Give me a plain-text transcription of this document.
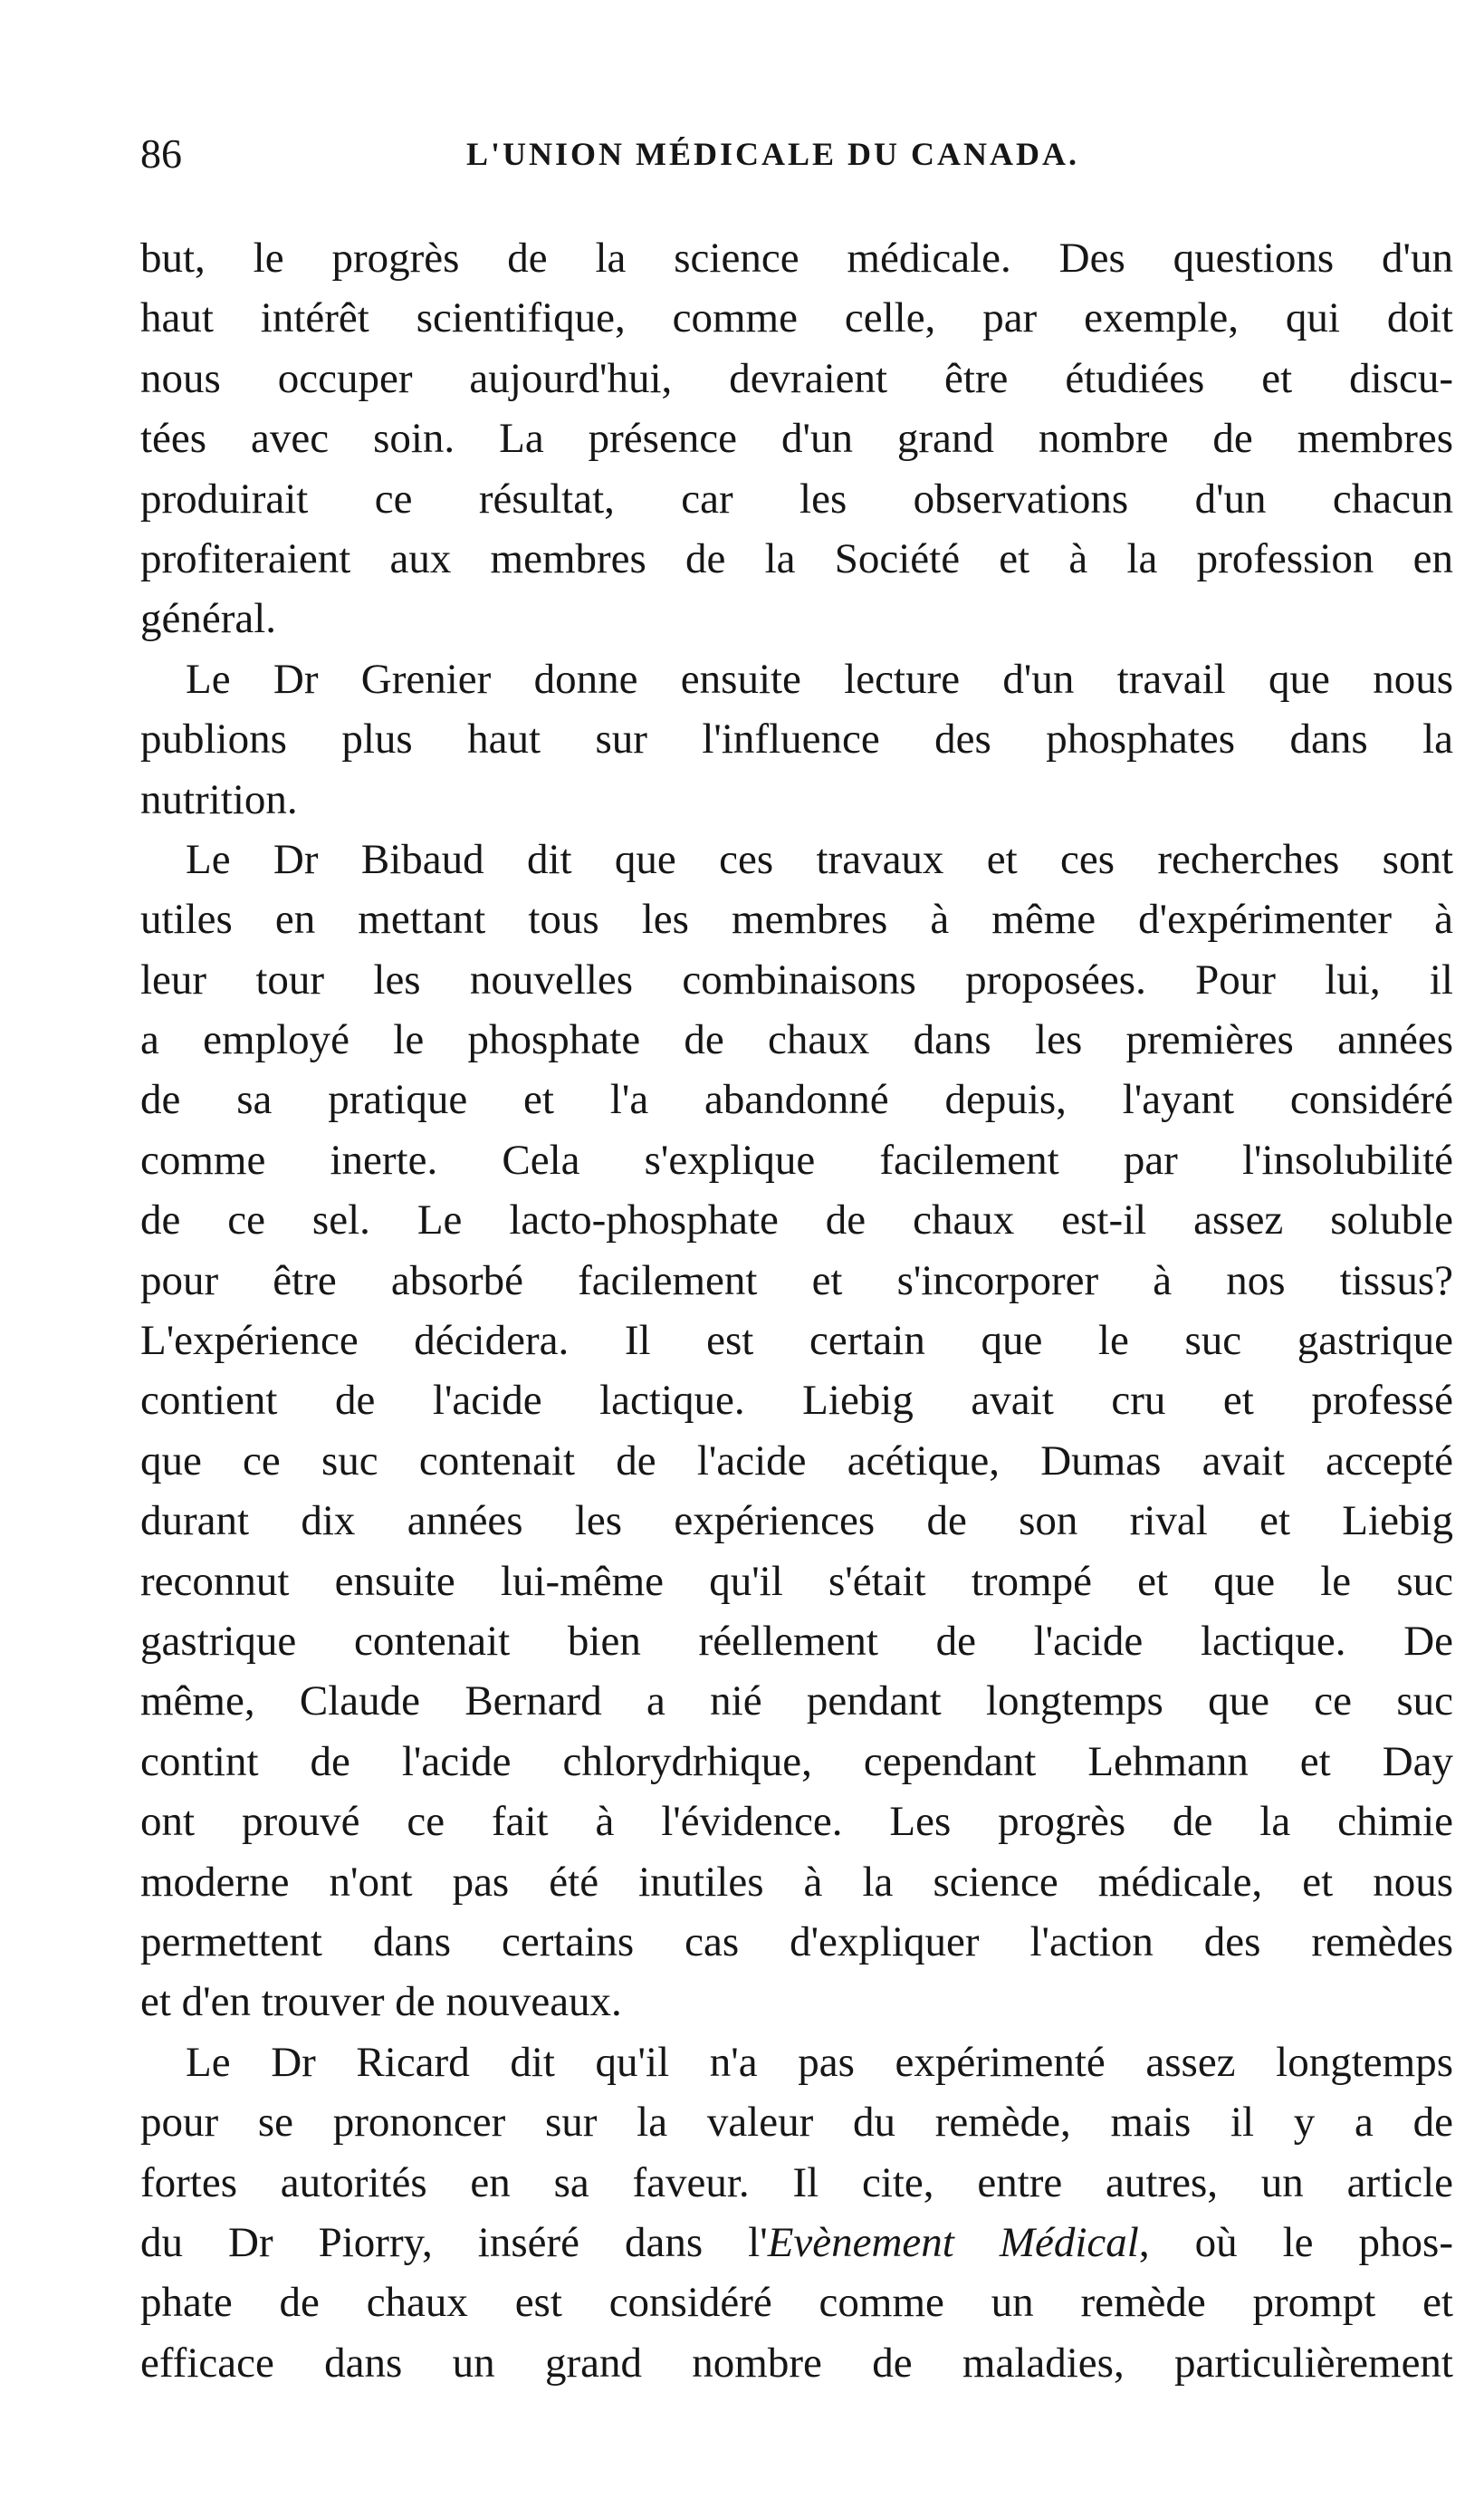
86	L'UNION MÉDICALE DU CANADA.
but, le progrès de la science médicale. Des questions d'un
haut intérêt scientifique, comme celle, par exemple, qui doit
nous occuper aujourd'hui, devraient être étudiées et discu-
tées avec soin. La présence d'un grand nombre de membres
produirait ce résultat, car les observations d'un chacun
profiteraient aux membres de la Société et à la profession en
général.
Le Dr Grenier donne ensuite lecture d'un travail que nous
publions plus haut sur l'influence des phosphates dans la
nutrition.
Le Dr Bibaud dit que ces travaux et ces recherches sont
utiles en mettant tous les membres à même d'expérimenter à
leur tour les nouvelles combinaisons proposées. Pour lui, il
a employé le phosphate de chaux dans les premières années
de sa pratique et l'a abandonné depuis, l'ayant considéré
comme inerte. Cela s'explique facilement par l'insolubilité
de ce sel. Le lacto-phosphate de chaux est-il assez soluble
pour être absorbé facilement et s'incorporer à nos tissus?
L'expérience décidera. Il est certain que le suc gastrique
contient de l'acide lactique. Liebig avait cru et professé
que ce suc contenait de l'acide acétique, Dumas avait accepté
durant dix années les expériences de son rival et Liebig
reconnut ensuite lui-même qu'il s'était trompé et que le suc
gastrique contenait bien réellement de l'acide lactique. De
même, Claude Bernard a nié pendant longtemps que ce suc
contint de l'acide chlorydrhique, cependant Lehmann et Day
ont prouvé ce fait à l'évidence. Les progrès de la chimie
moderne n'ont pas été inutiles à la science médicale, et nous
permettent dans certains cas d'expliquer l'action des remèdes
et d'en trouver de nouveaux.
Le Dr Ricard dit qu'il n'a pas expérimenté assez longtemps
pour se prononcer sur la valeur du remède, mais il y a de
fortes autorités en sa faveur. Il cite, entre autres, un article
du Dr Piorry, inséré dans l'Evènement Médical, où le phos-
phate de chaux est considéré comme un remède prompt et
efficace dans un grand nombre de maladies, particulièrement
